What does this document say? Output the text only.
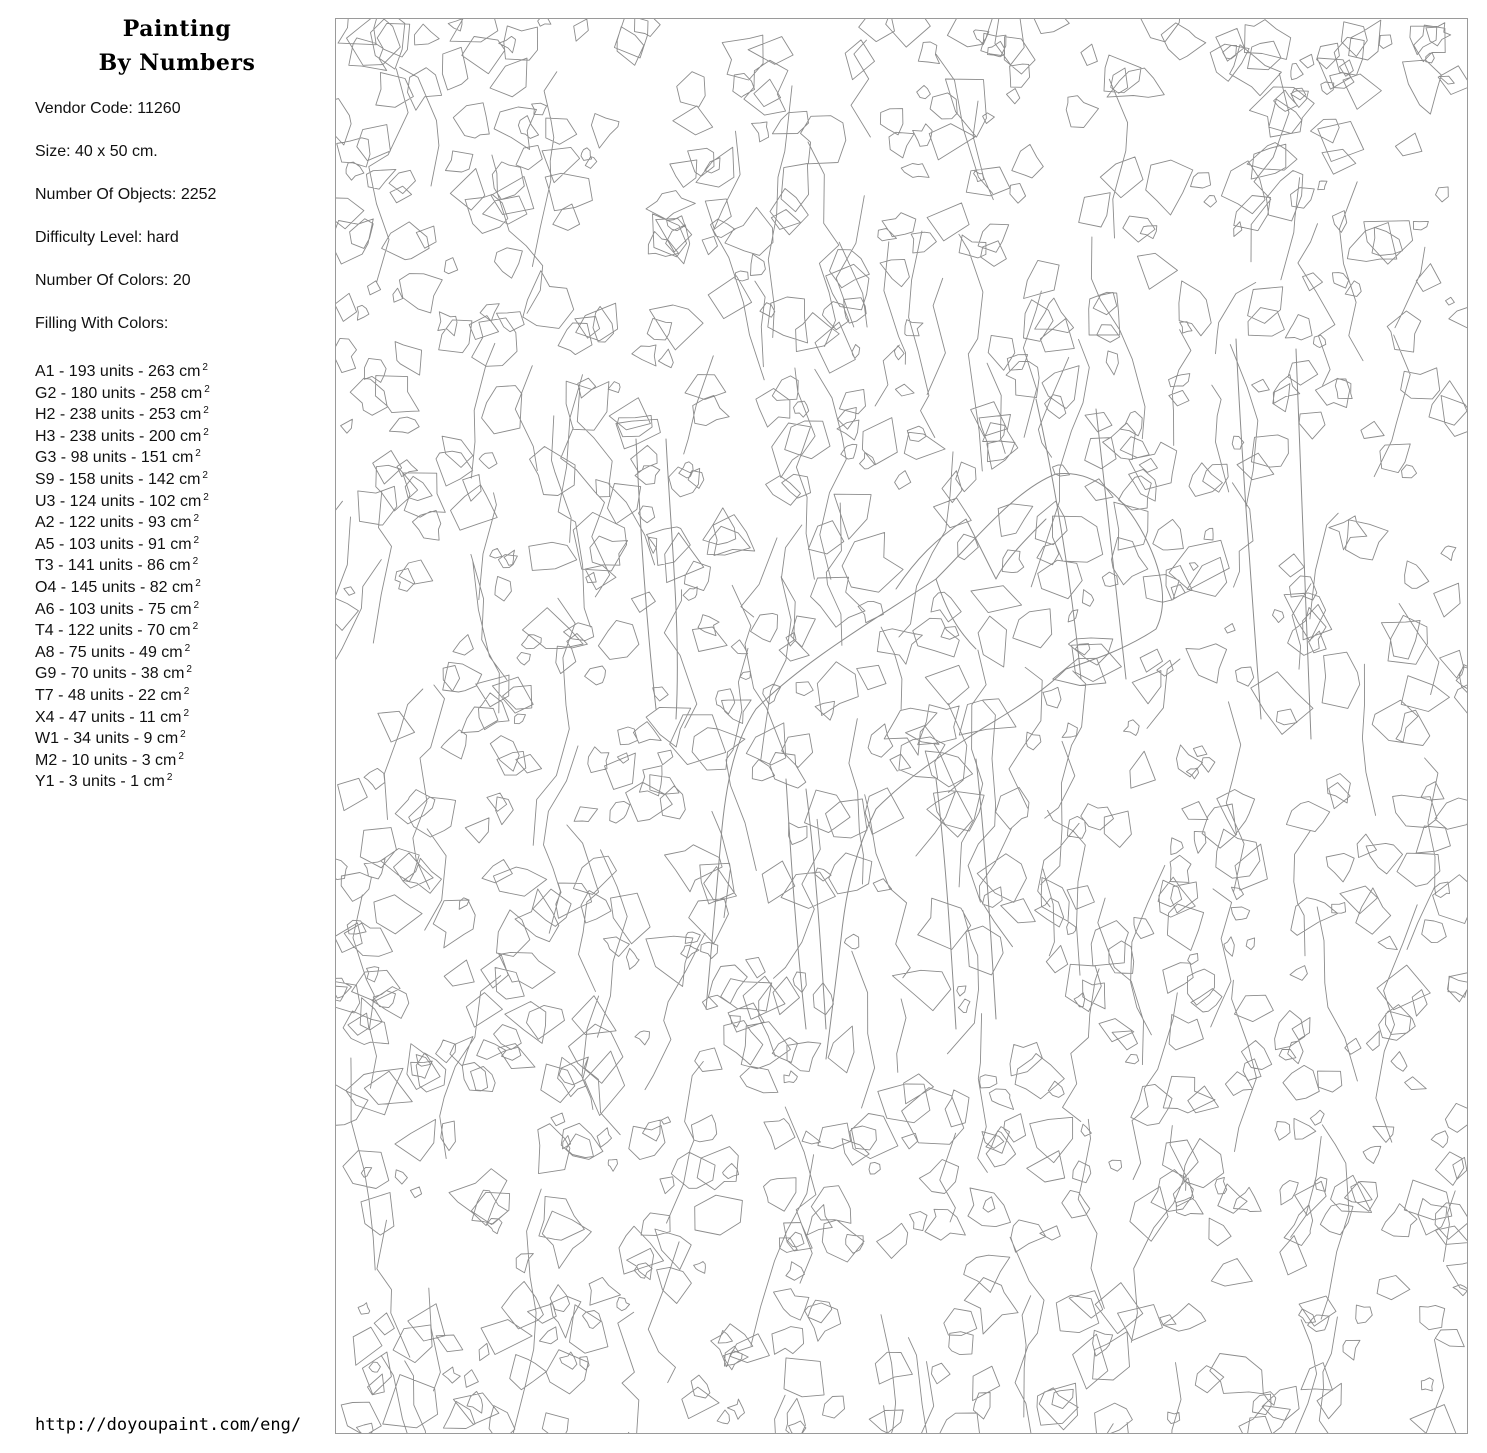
Painting
By Numbers
Vendor Code: 11260
Size: 40 x 50 cm.
Number Of Objects: 2252
Difficulty Level: hard
Number Of Colors: 20
Filling With Colors:
A1 - 193 units - 263 cm $^2$
G2 - 180 units - 258 cm $^2$
H2 - 238 units - 253 cm $^2$
H3 - 238 units - 200 cm $^2$
G3 - 98 units - 151 cm $^2$
S9 - 158 units - 142 cm $^2$
U3 - 124 units - 102 cm $^2$
A2 - 122 units - 93 cm $^2$
A5 - 103 units - 91 cm $^2$
T3 - 141 units - 86 cm $^2$
O4 - 145 units - 82 cm $^2$
A6 - 103 units - 75 cm $^2$
T4 - 122 units - 70 cm $^2$
A8 - 75 units - 49 cm $^2$
G9 - 70 units - 38 cm $^2$
T7 - 48 units - 22 cm $^2$
X4 - 47 units - 11 cm $^2$
W1 - 34 units - 9 cm $^2$
M2 - 10 units - 3 cm $^2$
Y1 - 3 units - 1 cm $^2$
http://doyoupaint.com/eng/
